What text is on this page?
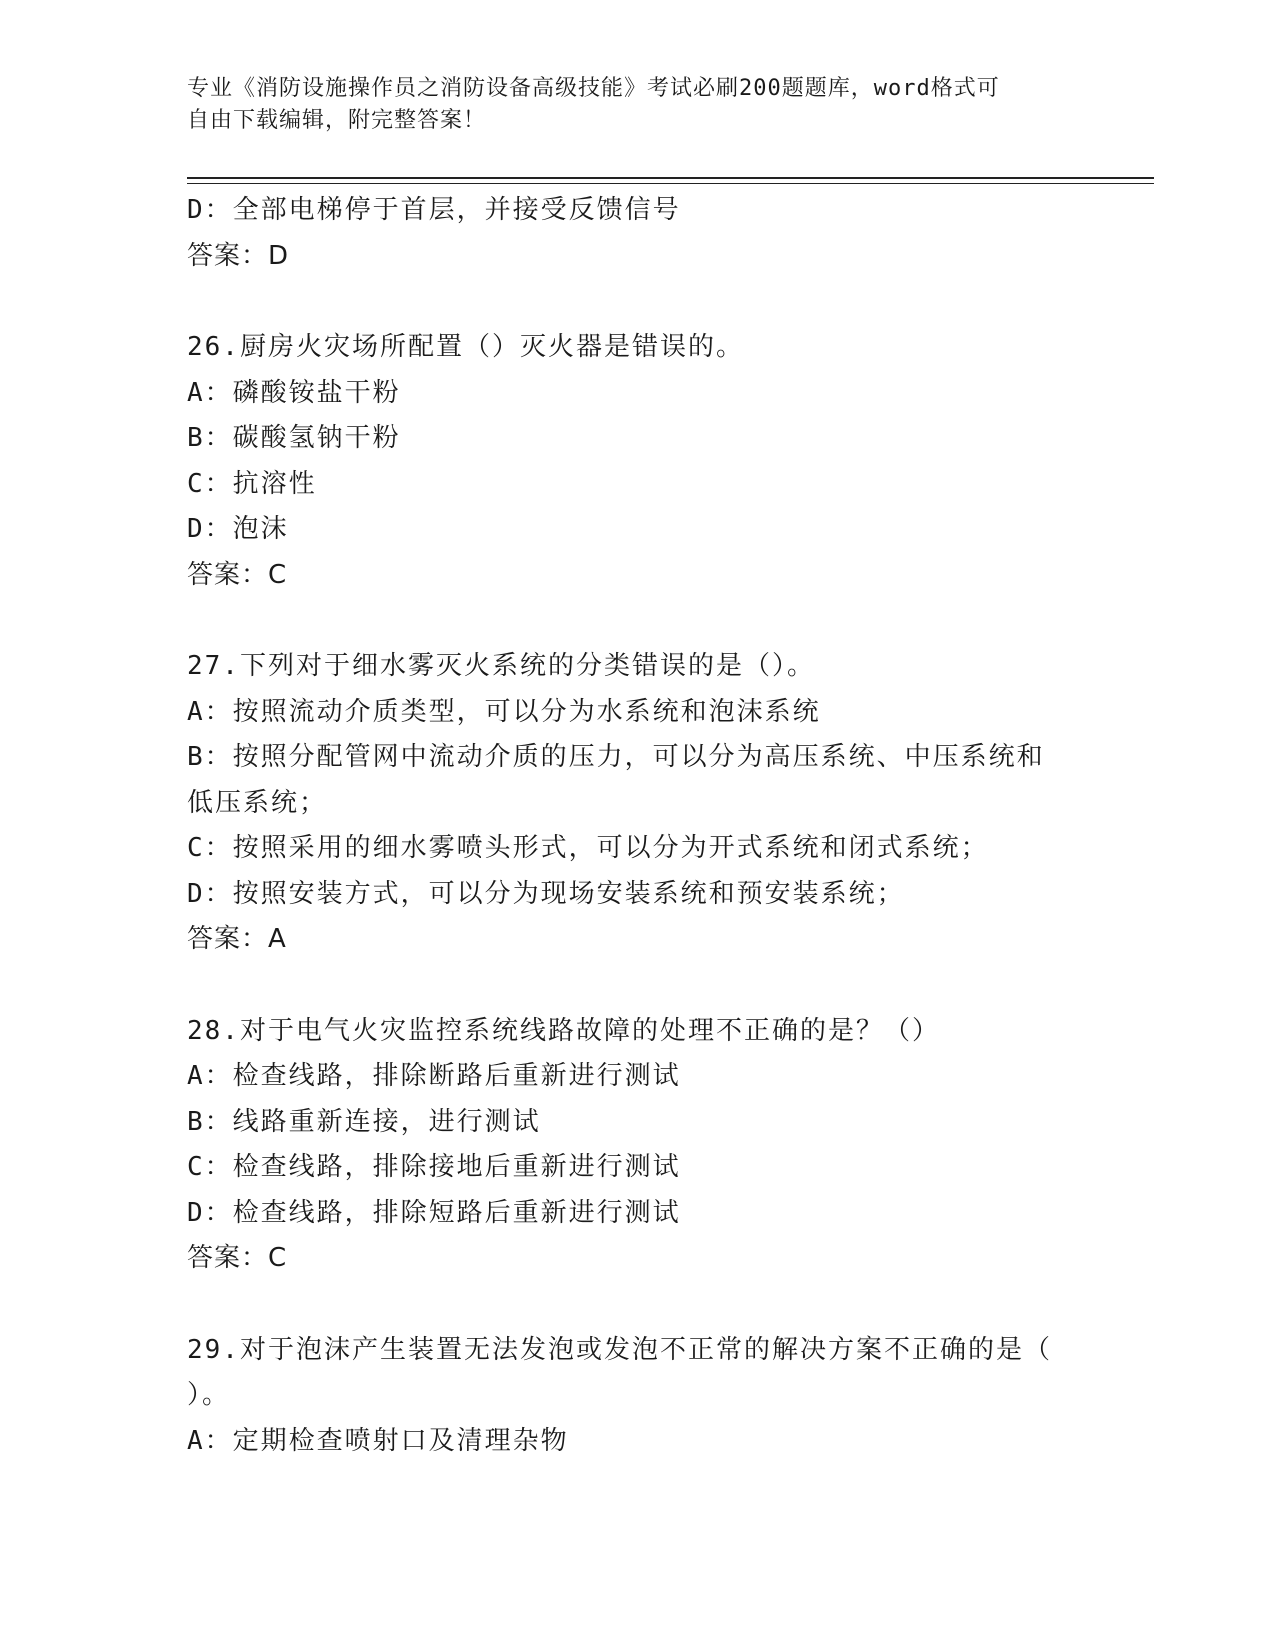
专业《消防设施操作员之消防设备高级技能》考试必刷200题题库，word格式可
自由下载编辑，附完整答案！
D：全部电梯停于首层，并接受反馈信号
答案：D
26.厨房火灾场所配置（）灭火器是错误的。
A：磷酸铵盐干粉
B：碳酸氢钠干粉
C：抗溶性
D：泡沫
答案：C
27.下列对于细水雾灭火系统的分类错误的是（）。
A：按照流动介质类型，可以分为水系统和泡沫系统
B：按照分配管网中流动介质的压力，可以分为高压系统、中压系统和
低压系统；
C：按照采用的细水雾喷头形式，可以分为开式系统和闭式系统；
D：按照安装方式，可以分为现场安装系统和预安装系统；
答案：A
28.对于电气火灾监控系统线路故障的处理不正确的是？（）
A：检查线路，排除断路后重新进行测试
B：线路重新连接，进行测试
C：检查线路，排除接地后重新进行测试
D：检查线路，排除短路后重新进行测试
答案：C
29.对于泡沫产生装置无法发泡或发泡不正常的解决方案不正确的是（
）。
A：定期检查喷射口及清理杂物
